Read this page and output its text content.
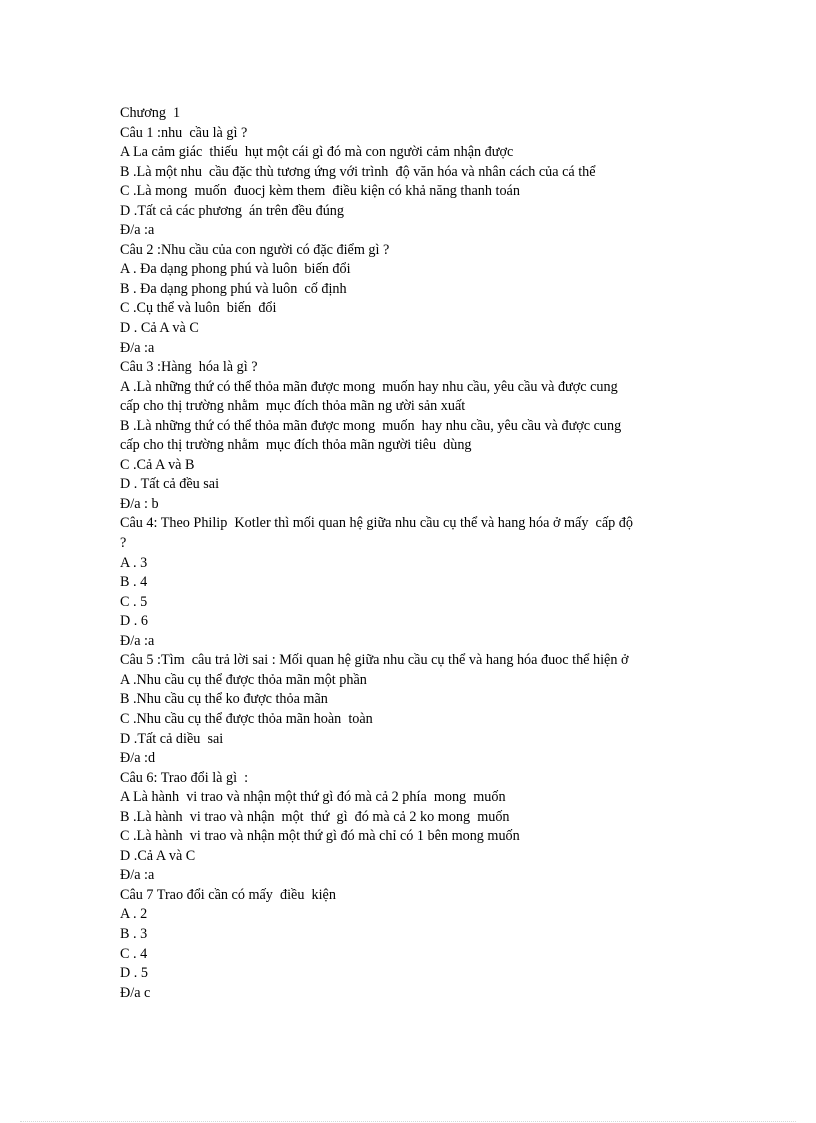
Chương  1

Câu 1 :nhu  cầu là gì ?

A La cảm giác  thiếu  hụt một cái gì đó mà con người cảm nhận được

B .Là một nhu  cầu đặc thù tương ứng với trình  độ văn hóa và nhân cách của cá thể

C .Là mong  muốn  đuocj kèm them  điều kiện có khả năng thanh toán

D .Tất cả các phương  án trên đều đúng

Đ/a :a

Câu 2 :Nhu cầu của con người có đặc điểm gì ?

A . Đa dạng phong phú và luôn  biến đổi

B . Đa dạng phong phú và luôn  cố định

C .Cụ thể và luôn  biến  đổi

D . Cả A và C

Đ/a :a

Câu 3 :Hàng  hóa là gì ?

A .Là những thứ có thể thỏa mãn được mong  muốn hay nhu cầu, yêu cầu và được cung

cấp cho thị trường nhằm  mục đích thỏa mãn ng ười sản xuất

B .Là những thứ có thể thỏa mãn được mong  muốn  hay nhu cầu, yêu cầu và được cung

cấp cho thị trường nhằm  mục đích thỏa mãn người tiêu  dùng

C .Cả A và B

D . Tất cả đều sai

Đ/a : b

Câu 4: Theo Philip  Kotler thì mối quan hệ giữa nhu cầu cụ thể và hang hóa ở mấy  cấp độ

?

A . 3

B . 4

C . 5

D . 6

Đ/a :a

Câu 5 :Tìm  câu trả lời sai : Mối quan hệ giữa nhu cầu cụ thể và hang hóa đuoc thể hiện ở

A .Nhu cầu cụ thể được thỏa mãn một phần

B .Nhu cầu cụ thể ko được thỏa mãn

C .Nhu cầu cụ thể được thỏa mãn hoàn  toàn

D .Tất cả diều  sai

Đ/a :d

Câu 6: Trao đổi là gì  :

A Là hành  vi trao và nhận một thứ gì đó mà cả 2 phía  mong  muốn

B .Là hành  vi trao và nhận  một  thứ  gì  đó mà cả 2 ko mong  muốn

C .Là hành  vi trao và nhận một thứ gì đó mà chỉ có 1 bên mong muốn

D .Cả A và C

Đ/a :a

Câu 7 Trao đổi cần có mấy  điều  kiện

A . 2

B . 3

C . 4

D . 5

Đ/a c
